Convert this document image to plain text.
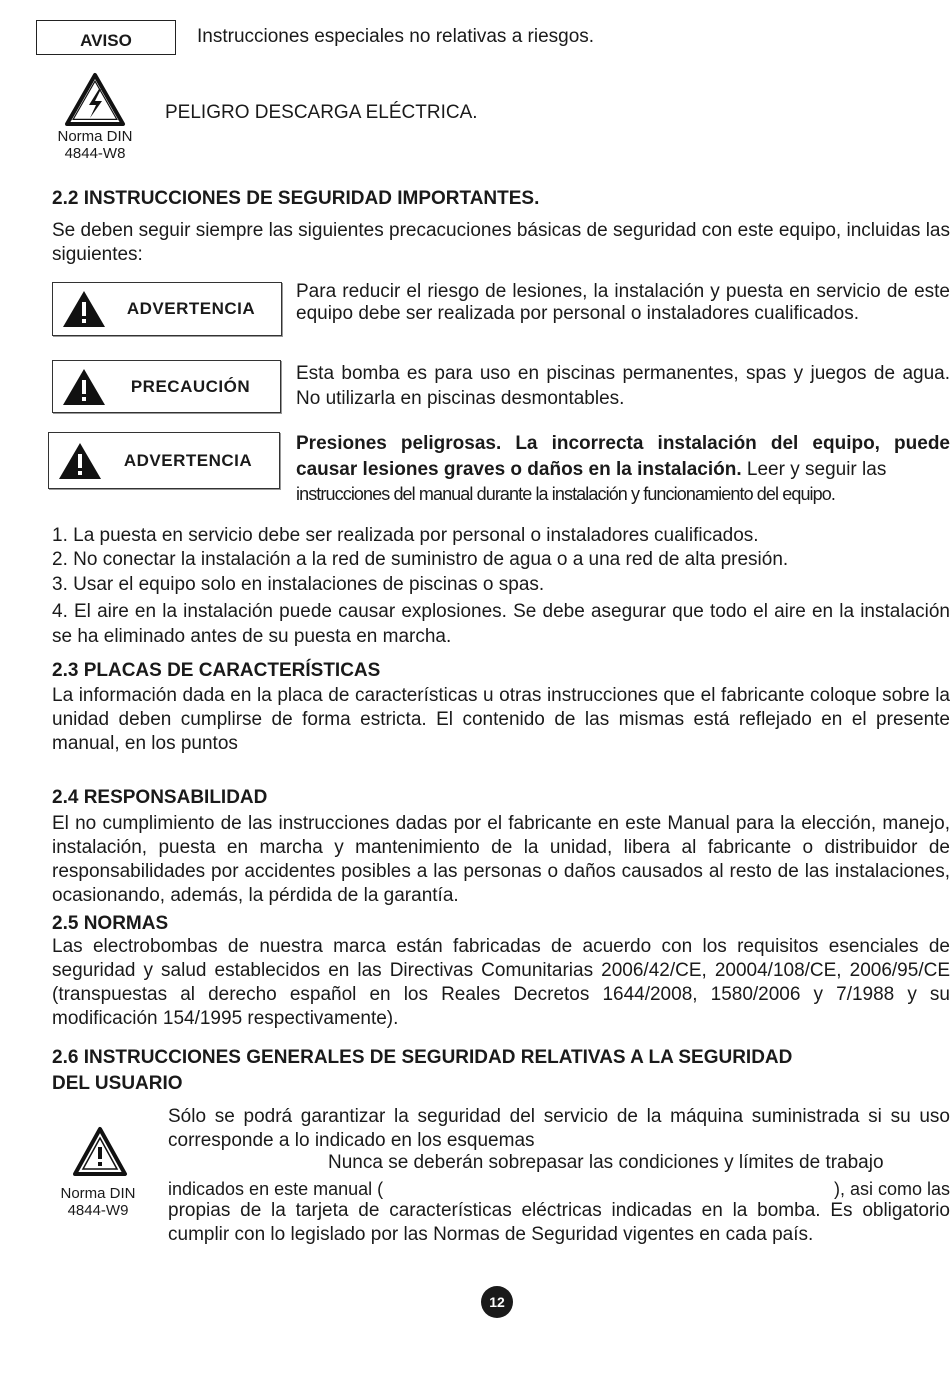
AVISO	Instrucciones especiales no relativas a riesgos.
Norma DIN
4844-W8
PELIGRO DESCARGA ELÉCTRICA.
2.2 INSTRUCCIONES DE SEGURIDAD IMPORTANTES.
Se deben seguir siempre las siguientes precacuciones básicas de seguridad con este equipo, incluidas las siguientes:
ADVERTENCIA
Para reducir el riesgo de lesiones, la instalación y puesta en servicio de este equipo debe ser realizada por personal o instaladores cualificados.
PRECAUCIÓN
Esta bomba es para uso en piscinas permanentes, spas y juegos de agua. No utilizarla en piscinas desmontables.
ADVERTENCIA
Presiones peligrosas. La incorrecta instalación del equipo, puede causar lesiones graves o daños en la instalación. Leer y seguir las
instrucciones del manual durante la instalación y funcionamiento del equipo.
1. La puesta en servicio debe ser realizada por personal o instaladores cualificados.
2. No conectar la instalación a la red de suministro de agua o a una red de alta presión.
3. Usar el equipo solo en instalaciones de piscinas o spas.
4. El aire en la instalación puede causar explosiones. Se debe asegurar que todo el aire en la instalación se ha eliminado antes de su puesta en marcha.
2.3 PLACAS DE CARACTERÍSTICAS
La información dada en la placa de características u otras instrucciones que el fabricante coloque sobre la unidad deben cumplirse de forma estricta. El contenido de las mismas está reflejado en el presente manual, en los puntos
2.4 RESPONSABILIDAD
El no cumplimiento de las instrucciones dadas por el fabricante en este Manual para la elección, manejo, instalación, puesta en marcha y mantenimiento de la unidad, libera al fabricante o distribuidor de responsabilidades por accidentes posibles a las personas o daños causados al resto de las instalaciones, ocasionando, además, la pérdida de la garantía.
2.5 NORMAS
Las electrobombas de nuestra marca están fabricadas de acuerdo con los requisitos esenciales de seguridad y salud establecidos en las Directivas Comunitarias 2006/42/CE, 20004/108/CE, 2006/95/CE (transpuestas al derecho español en los Reales Decretos 1644/2008, 1580/2006 y 7/1988 y su modificación 154/1995 respectivamente).
2.6 INSTRUCCIONES GENERALES DE SEGURIDAD RELATIVAS A LA SEGURIDAD
DEL USUARIO
Norma DIN
4844-W9
Sólo se podrá garantizar la seguridad del servicio de la máquina suministrada si su uso corresponde a lo indicado en los esquemas
Nunca se deberán sobrepasar las condiciones y límites de trabajo
indicados en este manual (	), asi como las
propias de la tarjeta de características eléctricas indicadas en la bomba. Es obligatorio cumplir con lo legislado por las Normas de Seguridad vigentes en cada país.
12
